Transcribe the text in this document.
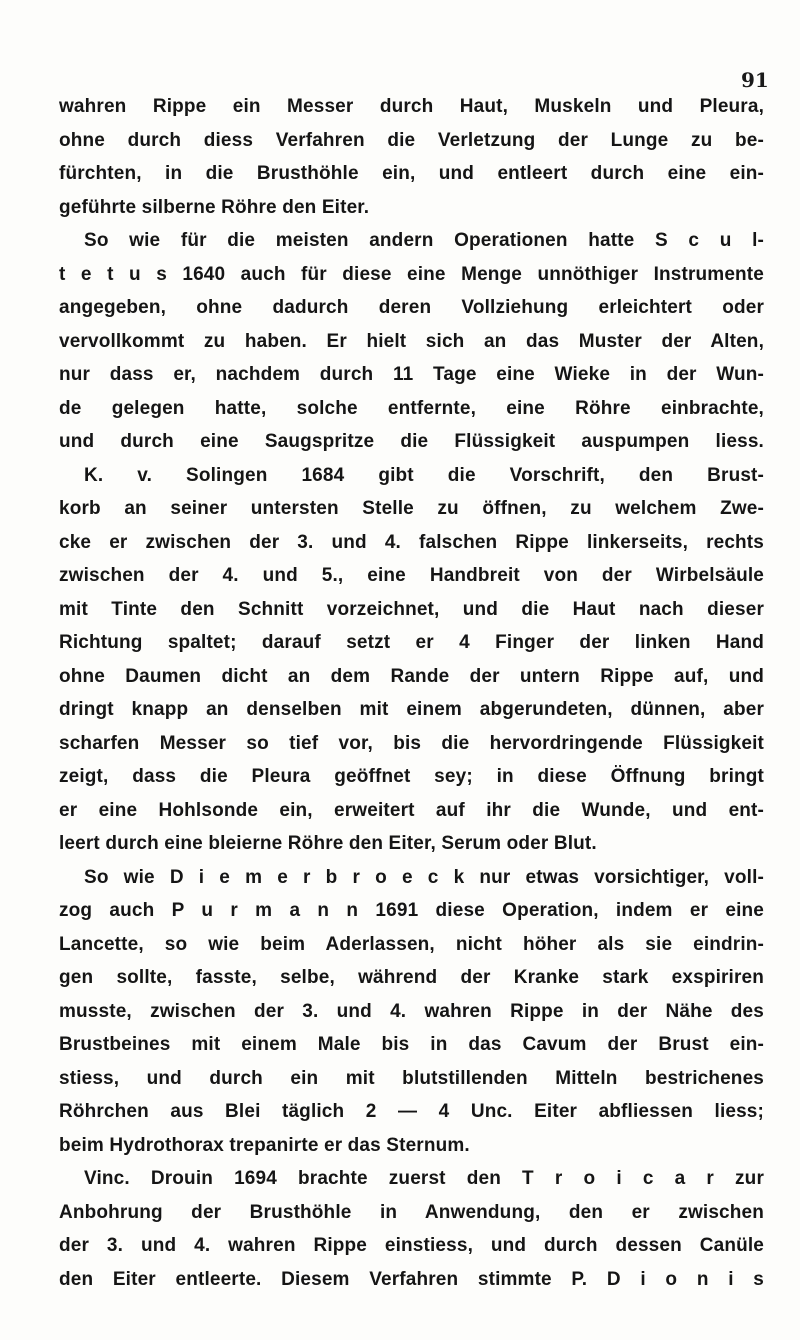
91
wahren Rippe ein Messer durch Haut, Muskeln und Pleura,
ohne durch diess Verfahren die Verletzung der Lunge zu be-
fürchten, in die Brusthöhle ein, und entleert durch eine ein-
geführte silberne Röhre den Eiter.
So wie für die meisten andern Operationen hatte S c u l-
t e t u s 1640 auch für diese eine Menge unnöthiger Instrumente
angegeben, ohne dadurch deren Vollziehung erleichtert oder
vervollkommt zu haben. Er hielt sich an das Muster der Alten,
nur dass er, nachdem durch 11 Tage eine Wieke in der Wun-
de gelegen hatte, solche entfernte, eine Röhre einbrachte,
und durch eine Saugspritze die Flüssigkeit auspumpen liess.
K. v. Solingen 1684 gibt die Vorschrift, den Brust-
korb an seiner untersten Stelle zu öffnen, zu welchem Zwe-
cke er zwischen der 3. und 4. falschen Rippe linkerseits, rechts
zwischen der 4. und 5., eine Handbreit von der Wirbelsäule
mit Tinte den Schnitt vorzeichnet, und die Haut nach dieser
Richtung spaltet; darauf setzt er 4 Finger der linken Hand
ohne Daumen dicht an dem Rande der untern Rippe auf, und
dringt knapp an denselben mit einem abgerundeten, dünnen, aber
scharfen Messer so tief vor, bis die hervordringende Flüssigkeit
zeigt, dass die Pleura geöffnet sey; in diese Öffnung bringt
er eine Hohlsonde ein, erweitert auf ihr die Wunde, und ent-
leert durch eine bleierne Röhre den Eiter, Serum oder Blut.
So wie D i e m e r b r o e c k nur etwas vorsichtiger, voll-
zog auch P u r m a n n 1691 diese Operation, indem er eine
Lancette, so wie beim Aderlassen, nicht höher als sie eindrin-
gen sollte, fasste, selbe, während der Kranke stark exspiriren
musste, zwischen der 3. und 4. wahren Rippe in der Nähe des
Brustbeines mit einem Male bis in das Cavum der Brust ein-
stiess, und durch ein mit blutstillenden Mitteln bestrichenes
Röhrchen aus Blei täglich 2 — 4 Unc. Eiter abfliessen liess;
beim Hydrothorax trepanirte er das Sternum.
Vinc. Drouin 1694 brachte zuerst den T r o i c a r zur
Anbohrung der Brusthöhle in Anwendung, den er zwischen
der 3. und 4. wahren Rippe einstiess, und durch dessen Canüle
den Eiter entleerte. Diesem Verfahren stimmte P. D i o n i s
